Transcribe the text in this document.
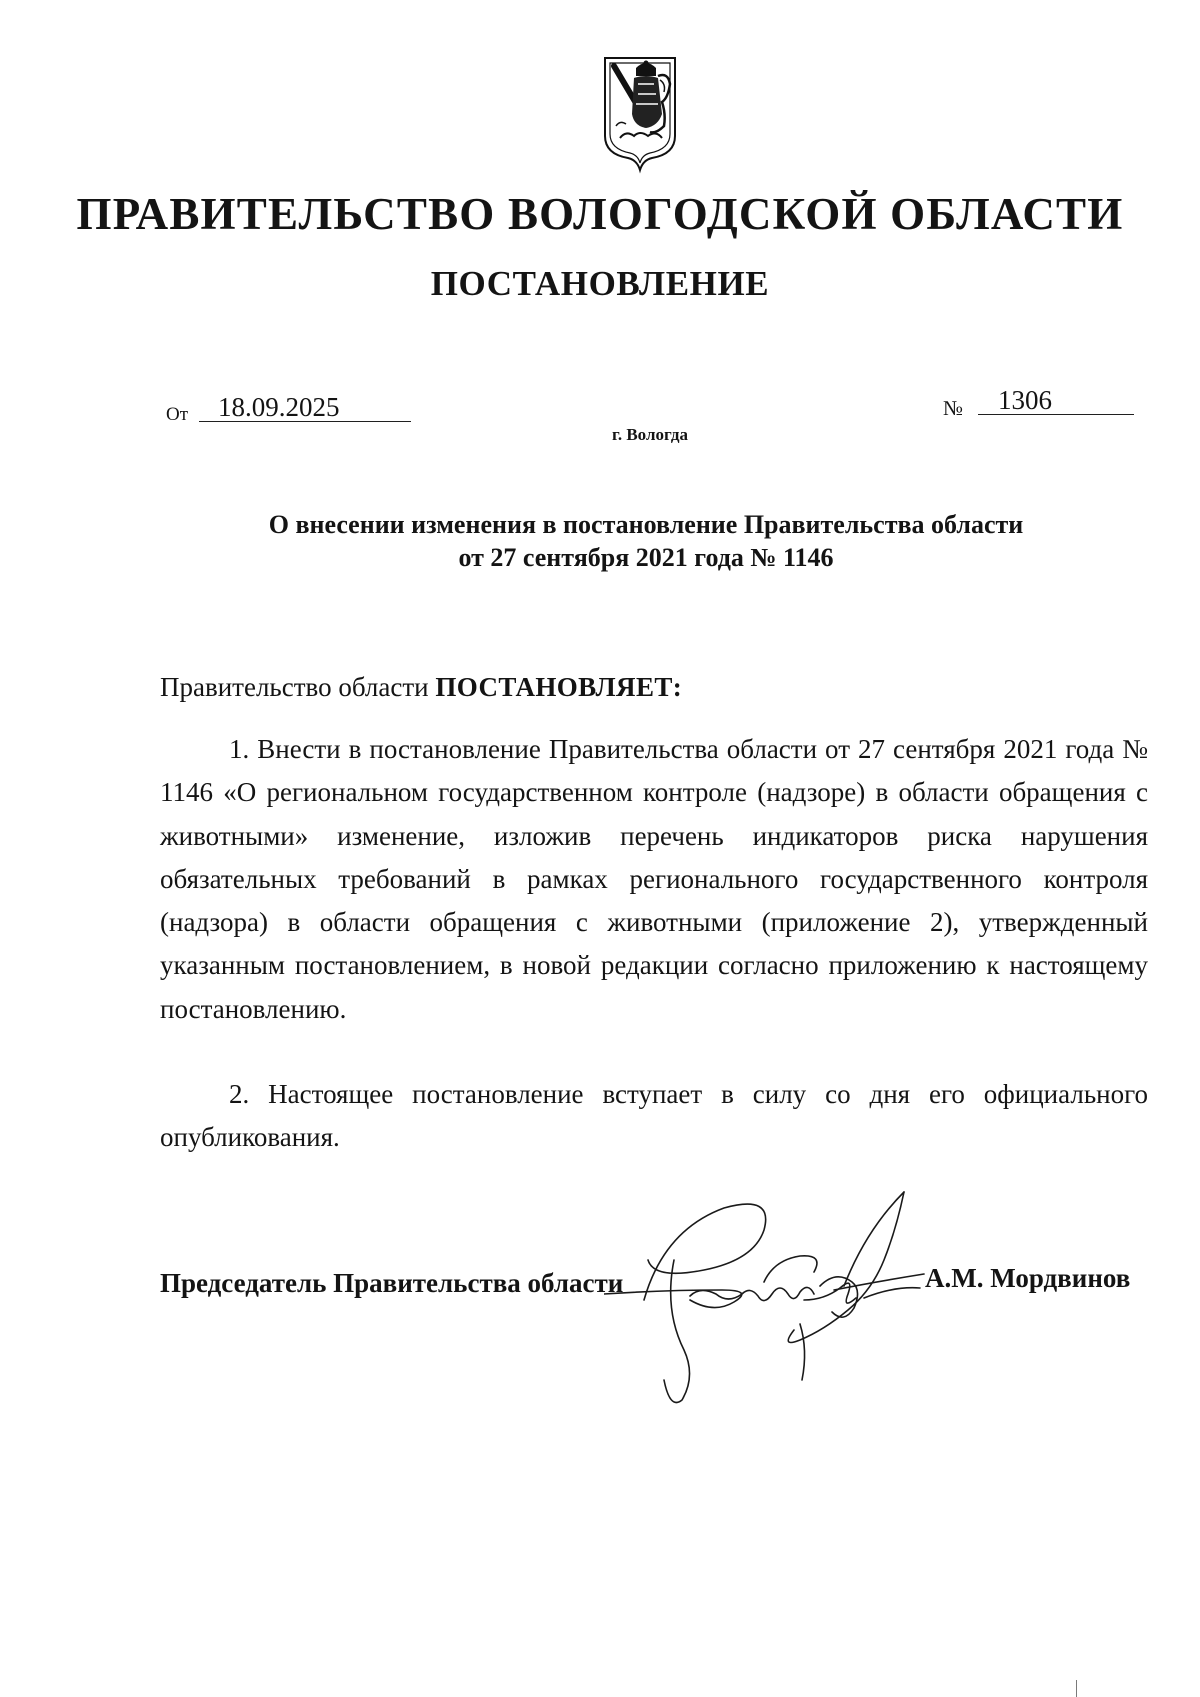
ПРАВИТЕЛЬСТВО ВОЛОГОДСКОЙ ОБЛАСТИ
ПОСТАНОВЛЕНИЕ
От 18.09.2025	№ 1306
г. Вологда
О внесении изменения в постановление Правительства области
от 27 сентября 2021 года № 1146
Правительство области ПОСТАНОВЛЯЕТ:

1. Внести в постановление Правительства области от 27 сентября 2021 года № 1146 «О региональном государственном контроле (надзоре) в области обращения с животными» изменение, изложив перечень индикаторов риска нарушения обязательных требований в рамках регионального государственного контроля (надзора) в области обращения с животными (приложение 2), утвержденный указанным постановлением, в новой редакции согласно приложению к настоящему постановлению.

2. Настоящее постановление вступает в силу со дня его официального опубликования.

Председатель Правительства области	А.М. Мордвинов
